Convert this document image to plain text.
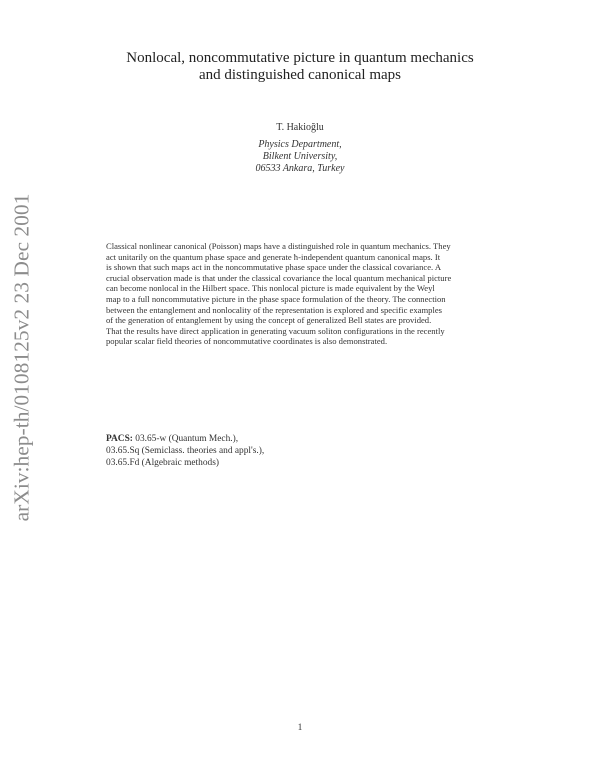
arXiv:hep-th/0108125v2 23 Dec 2001
Nonlocal, noncommutative picture in quantum mechanics
and distinguished canonical maps
T. Hakioğlu
Physics Department,
Bilkent University,
06533 Ankara, Turkey
Classical nonlinear canonical (Poisson) maps have a distinguished role in quantum mechanics. They
act unitarily on the quantum phase space and generate ħ-independent quantum canonical maps. It
is shown that such maps act in the noncommutative phase space under the classical covariance. A
crucial observation made is that under the classical covariance the local quantum mechanical picture
can become nonlocal in the Hilbert space. This nonlocal picture is made equivalent by the Weyl
map to a full noncommutative picture in the phase space formulation of the theory. The connection
between the entanglement and nonlocality of the representation is explored and specific examples
of the generation of entanglement by using the concept of generalized Bell states are provided.
That the results have direct application in generating vacuum soliton configurations in the recently
popular scalar field theories of noncommutative coordinates is also demonstrated.
PACS: 03.65-w (Quantum Mech.),
03.65.Sq (Semiclass. theories and appl's.),
03.65.Fd (Algebraic methods)
1
